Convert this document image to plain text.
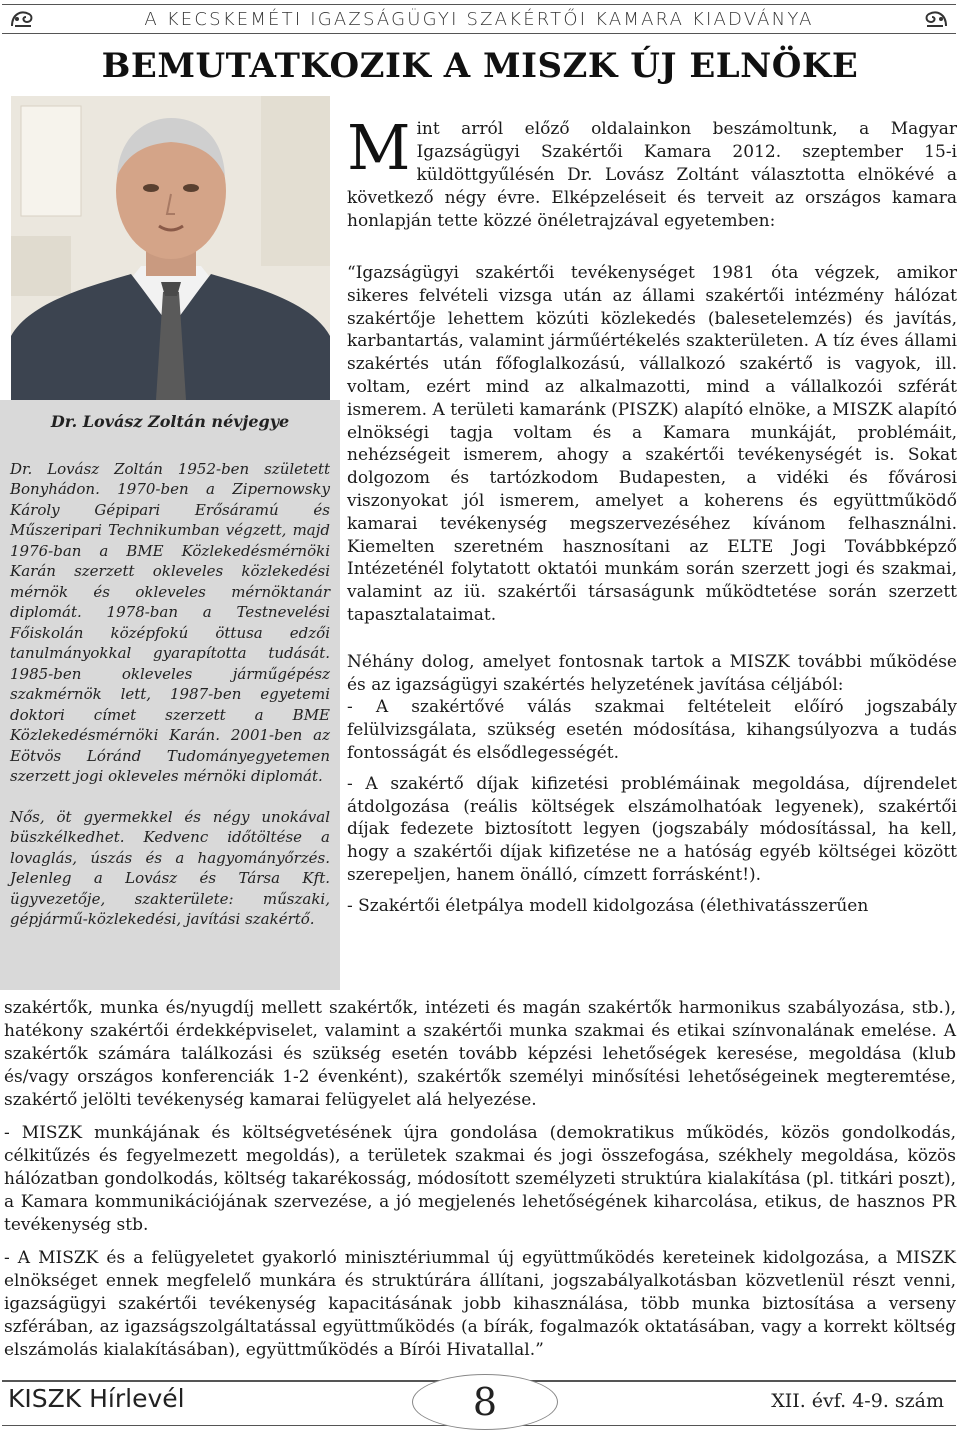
A KECSKEMÉTI IGAZSÁGÜGYI SZAKÉRTŐI KAMARA KIADVÁNYA
BEMUTATKOZIK A MISZK ÚJ ELNÖKE
Dr. Lovász Zoltán névjegye

Dr. Lovász Zoltán 1952-ben született Bonyhádon. 1970-ben a Zipernowsky Károly Gépipari Erősáramú és Műszeripari Technikumban végzett, majd 1976-ban a BME Közlekedésmérnöki Karán szerzett okleveles közlekedési mérnök és okleveles mérnöktanár diplomát. 1978-ban a Testnevelési Főiskolán középfokú öttusa edzői tanulmányokkal gyarapította tudását. 1985-ben okleveles járműgépész szakmérnök lett, 1987-ben egyetemi doktori címet szerzett a BME Közlekedésmérnöki Karán. 2001-ben az Eötvös Lóránd Tudományegyetemen szerzett jogi okleveles mérnöki diplomát.

Nős, öt gyermekkel és négy unokával büszkélkedhet. Kedvenc időtöltése a lovaglás, úszás és a hagyományőrzés. Jelenleg a Lovász és Társa Kft. ügyvezetője, szakterülete: műszaki, gépjármű-közlekedési, javítási szakértő.

Mint arról előző oldalainkon beszámoltunk, a Magyar Igazságügyi Szakértői Kamara 2012. szeptember 15-i küldöttgyűlésén Dr. Lovász Zoltánt választotta elnökévé a következő négy évre. Elképzeléseit és terveit az országos kamara honlapján tette közzé önéletrajzával egyetemben:

“Igazságügyi szakértői tevékenységet 1981 óta végzek, amikor sikeres felvételi vizsga után az állami szakértői intézmény hálózat szakértője lehettem közúti közlekedés (balesetelemzés) és javítás, karbantartás, valamint járműértékelés szakterületen. A tíz éves állami szakértés után főfoglalkozású, vállalkozó szakértő is vagyok, ill. voltam, ezért mind az alkalmazotti, mind a vállalkozói szférát ismerem. A területi kamaránk (PISZK) alapító elnöke, a MISZK alapító elnökségi tagja voltam és a Kamara munkáját, problémáit, nehézségeit ismerem, ahogy a szakértői tevékenységét is. Sokat dolgozom és tartózkodom Budapesten, a vidéki és fővárosi viszonyokat jól ismerem, amelyet a koherens és együttműködő kamarai tevékenység megszervezéséhez kívánom felhasználni. Kiemelten szeretném hasznosítani az ELTE Jogi Továbbképző Intézeténél folytatott oktatói munkám során szerzett jogi és szakmai, valamint az iü. szakértői társaságunk működtetése során szerzett tapasztalataimat.

Néhány dolog, amelyet fontosnak tartok a MISZK további működése és az igazságügyi szakértés helyzetének javítása céljából:

- A szakértővé válás szakmai feltételeit előíró jogszabály felülvizsgálata, szükség esetén módosítása, kihangsúlyozva a tudás fontosságát és elsődlegességét.

- A szakértő díjak kifizetési problémáinak megoldása, díjrendelet átdolgozása (reális költségek elszámolhatóak legyenek), szakértői díjak fedezete biztosított legyen (jogszabály módosítással, ha kell, hogy a szakértői díjak kifizetése ne a hatóság egyéb költségei között szerepeljen, hanem önálló, címzett forrásként!).

- Szakértői életpálya modell kidolgozása (élethivatásszerűen

szakértők, munka és/nyugdíj mellett szakértők, intézeti és magán szakértők harmonikus szabályozása, stb.), hatékony szakértői érdekképviselet, valamint a szakértői munka szakmai és etikai színvonalának emelése. A szakértők számára találkozási és szükség esetén tovább képzési lehetőségek keresése, megoldása (klub és/vagy országos konferenciák 1-2 évenként), szakértők személyi minősítési lehetőségeinek megteremtése, szakértő jelölti tevékenység kamarai felügyelet alá helyezése.

- MISZK munkájának és költségvetésének újra gondolása (demokratikus működés, közös gondolkodás, célkitűzés és fegyelmezett megoldás), a területek szakmai és jogi összefogása, székhely megoldása, közös hálózatban gondolkodás, költség takarékosság, módosított személyzeti struktúra kialakítása (pl. titkári poszt), a Kamara kommunikációjának szervezése, a jó megjelenés lehetőségének kiharcolása, etikus, de hasznos PR tevékenység stb.

- A MISZK és a felügyeletet gyakorló minisztériummal új együttműködés kereteinek kidolgozása, a MISZK elnökséget ennek megfelelő munkára és struktúrára állítani, jogszabályalkotásban közvetlenül részt venni, igazságügyi szakértői tevékenység kapacitásának jobb kihasználása, több munka biztosítása a verseny szférában, az igazságszolgáltatással együttműködés (a bírák, fogalmazók oktatásában, vagy a korrekt költség elszámolás kialakításában), együttműködés a Bírói Hivatallal.”

KISZK Hírlevél	8	XII. évf. 4-9. szám
